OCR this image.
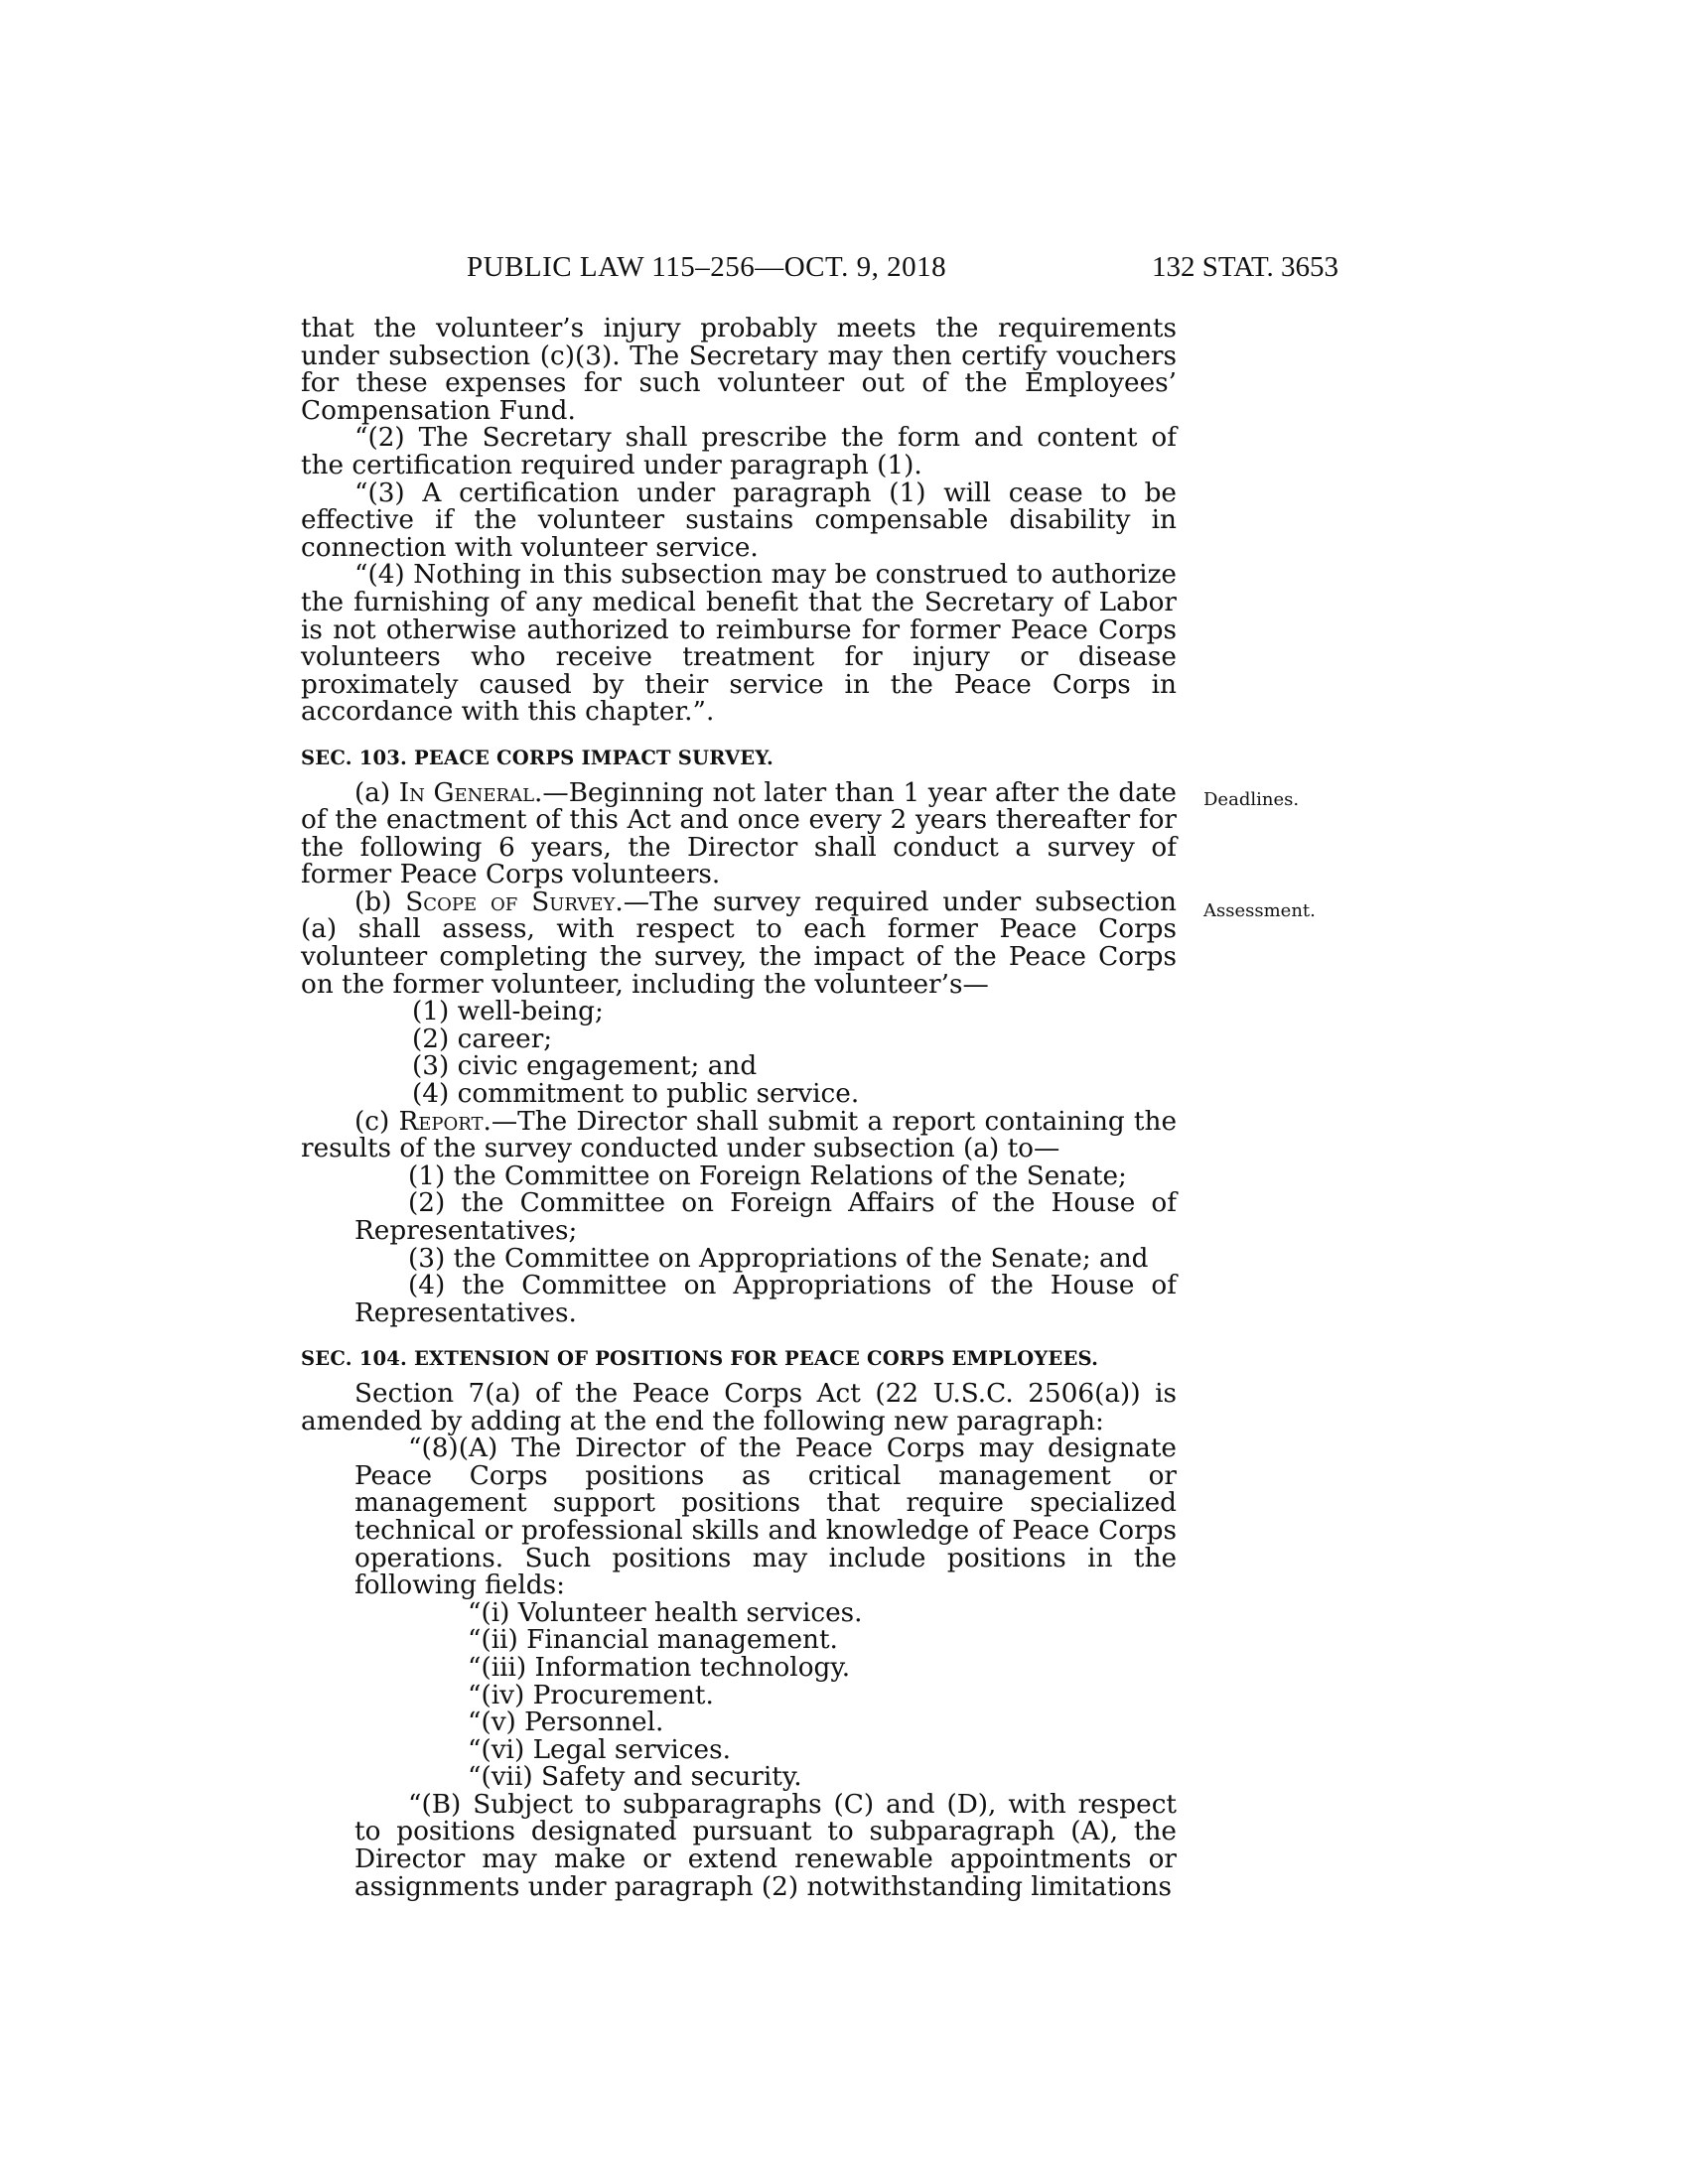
PUBLIC LAW 115–256—OCT. 9, 2018	132 STAT. 3653
Deadlines.
Assessment.

that the volunteer’s injury probably meets the requirements under subsection (c)(3). The Secretary may then certify vouchers for these expenses for such volunteer out of the Employees’ Compensation Fund.

“(2) The Secretary shall prescribe the form and content of the certification required under paragraph (1).

“(3) A certification under paragraph (1) will cease to be effective if the volunteer sustains compensable disability in connection with volunteer service.

“(4) Nothing in this subsection may be construed to authorize the furnishing of any medical benefit that the Secretary of Labor is not otherwise authorized to reimburse for former Peace Corps volunteers who receive treatment for injury or disease proximately caused by their service in the Peace Corps in accordance with this chapter.”.

SEC. 103. PEACE CORPS IMPACT SURVEY.

(a) In General.—Beginning not later than 1 year after the date of the enactment of this Act and once every 2 years thereafter for the following 6 years, the Director shall conduct a survey of former Peace Corps volunteers.

(b) Scope of Survey.—The survey required under subsection (a) shall assess, with respect to each former Peace Corps volunteer completing the survey, the impact of the Peace Corps on the former volunteer, including the volunteer’s—

(1) well-being;

(2) career;

(3) civic engagement; and

(4) commitment to public service.

(c) Report.—The Director shall submit a report containing the results of the survey conducted under subsection (a) to—

(1) the Committee on Foreign Relations of the Senate;

(2) the Committee on Foreign Affairs of the House of Representatives;

(3) the Committee on Appropriations of the Senate; and

(4) the Committee on Appropriations of the House of Representatives.

SEC. 104. EXTENSION OF POSITIONS FOR PEACE CORPS EMPLOYEES.

Section 7(a) of the Peace Corps Act (22 U.S.C. 2506(a)) is amended by adding at the end the following new paragraph:

“(8)(A) The Director of the Peace Corps may designate Peace Corps positions as critical management or management support positions that require specialized technical or professional skills and knowledge of Peace Corps operations. Such positions may include positions in the following fields:

“(i) Volunteer health services.

“(ii) Financial management.

“(iii) Information technology.

“(iv) Procurement.

“(v) Personnel.

“(vi) Legal services.

“(vii) Safety and security.

“(B) Subject to subparagraphs (C) and (D), with respect to positions designated pursuant to subparagraph (A), the Director may make or extend renewable appointments or assignments under paragraph (2) notwithstanding limitations
